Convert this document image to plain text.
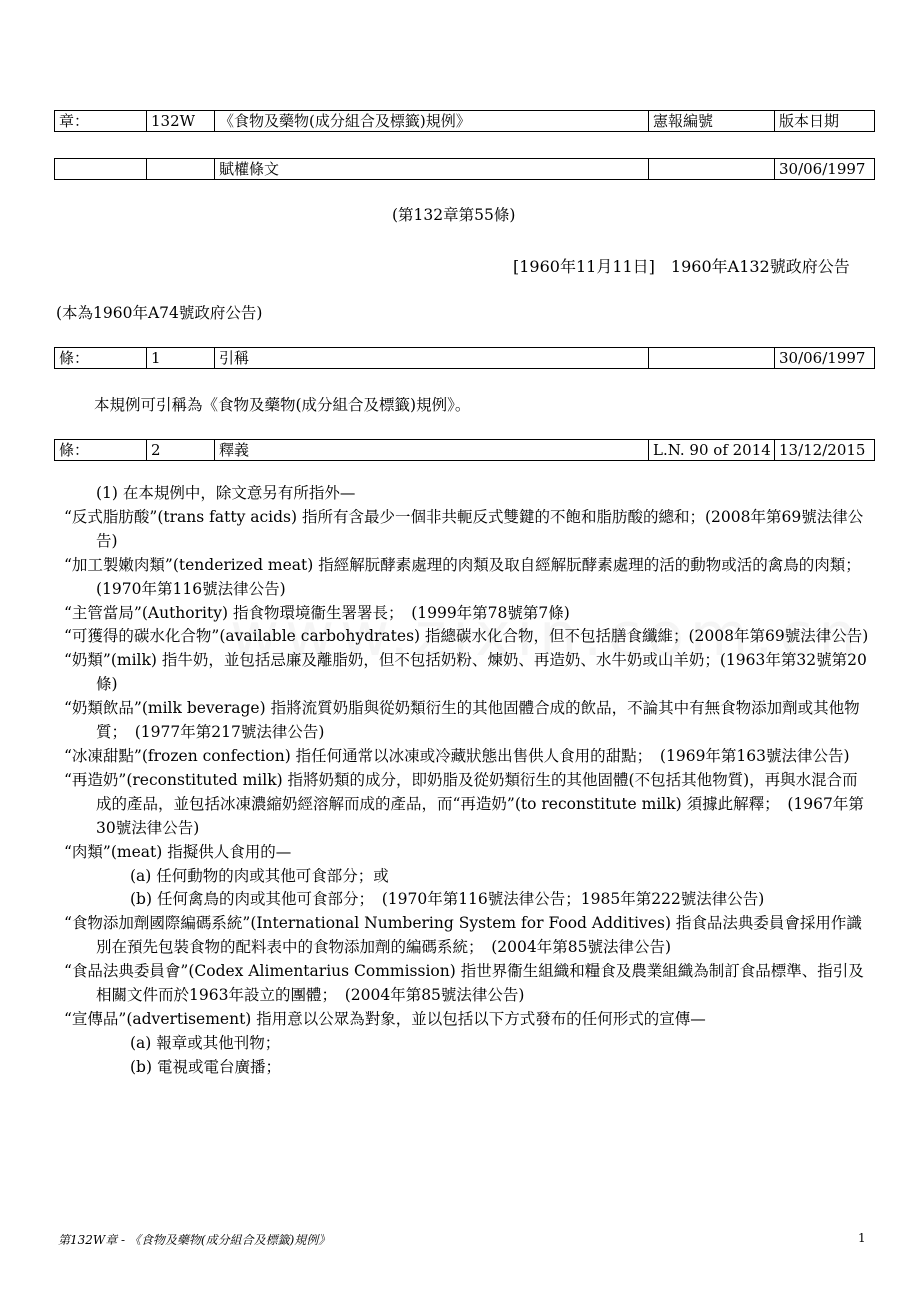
章：	132W	《食物及藥物(成分組合及標籤)規例》	憲報編號	版本日期
		賦權條文		30/06/1997
(第132章第55條)
[1960年11月11日]　1960年A132號政府公告
(本為1960年A74號政府公告)
條：	1	引稱		30/06/1997
本規例可引稱為《食物及藥物(成分組合及標籤)規例》。
條：	2	釋義	L.N. 90 of 2014	13/12/2015

(1) 在本規例中，除文意另有所指外—

“反式脂肪酸”(trans fatty acids) 指所有含最少一個非共軛反式雙鍵的不飽和脂肪酸的總和；(2008年第69號法律公告)

“加工製嫩肉類”(tenderized meat) 指經解朊酵素處理的肉類及取自經解朊酵素處理的活的動物或活的禽鳥的肉類；　(1970年第116號法律公告)

“主管當局”(Authority) 指食物環境衞生署署長；　(1999年第78號第7條)

“可獲得的碳水化合物”(available carbohydrates) 指總碳水化合物，但不包括膳食纖維；(2008年第69號法律公告)

“奶類”(milk) 指牛奶，並包括忌廉及離脂奶，但不包括奶粉、煉奶、再造奶、水牛奶或山羊奶；(1963年第32號第20條)

“奶類飲品”(milk beverage) 指將流質奶脂與從奶類衍生的其他固體合成的飲品，不論其中有無食物添加劑或其他物質；　(1977年第217號法律公告)

“冰凍甜點”(frozen confection) 指任何通常以冰凍或冷藏狀態出售供人食用的甜點；　(1969年第163號法律公告)

“再造奶”(reconstituted milk) 指將奶類的成分，即奶脂及從奶類衍生的其他固體(不包括其他物質)，再與水混合而成的產品，並包括冰凍濃縮奶經溶解而成的產品，而“再造奶”(to reconstitute milk) 須據此解釋；　(1967年第30號法律公告)

“肉類”(meat) 指擬供人食用的—

(a) 任何動物的肉或其他可食部分；或

(b) 任何禽鳥的肉或其他可食部分；　(1970年第116號法律公告；1985年第222號法律公告)

“食物添加劑國際編碼系統”(International Numbering System for Food Additives) 指食品法典委員會採用作識別在預先包裝食物的配料表中的食物添加劑的編碼系統；　(2004年第85號法律公告)

“食品法典委員會”(Codex Alimentarius Commission) 指世界衞生組織和糧食及農業組織為制訂食品標準、指引及相關文件而於1963年設立的團體；　(2004年第85號法律公告)

“宣傳品”(advertisement) 指用意以公眾為對象，並以包括以下方式發布的任何形式的宣傳—

(a) 報章或其他刊物；

(b) 電視或電台廣播；

第132W章 - 《食物及藥物(成分組合及標籤)規例》	1
